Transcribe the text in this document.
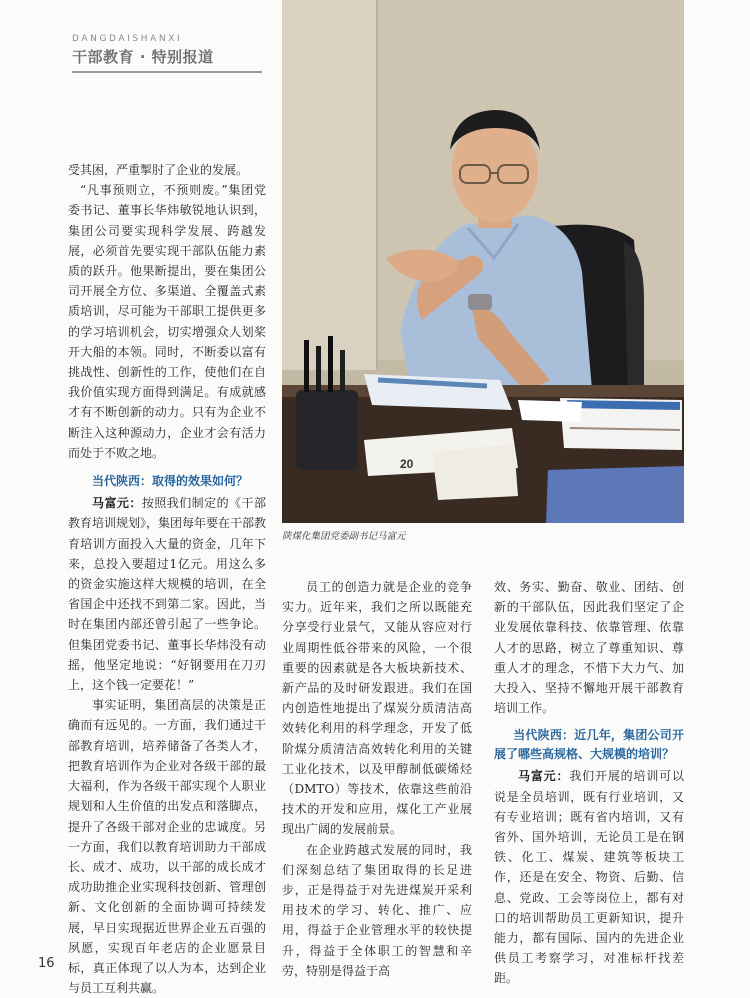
DANGDAISHANXI
干部教育 · 特别报道
20
陕煤化集团党委副书记马富元

受其困，严重掣肘了企业的发展。

“凡事预则立，不预则废。”集团党委书记、董事长华炜敏锐地认识到，集团公司要实现科学发展、跨越发展，必须首先要实现干部队伍能力素质的跃升。他果断提出，要在集团公司开展全方位、多渠道、全覆盖式素质培训，尽可能为干部职工提供更多的学习培训机会，切实增强众人划桨开大船的本领。同时，不断委以富有挑战性、创新性的工作，使他们在自我价值实现方面得到满足。有成就感才有不断创新的动力。只有为企业不断注入这种源动力，企业才会有活力而处于不败之地。

当代陕西：取得的效果如何？

马富元：按照我们制定的《干部教育培训规划》，集团每年要在干部教育培训方面投入大量的资金，几年下来，总投入要超过1亿元。用这么多的资金实施这样大规模的培训，在全省国企中还找不到第二家。因此，当时在集团内部还曾引起了一些争论。但集团党委书记、董事长华炜没有动摇，他坚定地说：“好钢要用在刀刃上，这个钱一定要花！”

事实证明，集团高层的决策是正确而有远见的。一方面，我们通过干部教育培训，培养储备了各类人才，把教育培训作为企业对各级干部的最大福利，作为各级干部实现个人职业规划和人生价值的出发点和落脚点，提升了各级干部对企业的忠诚度。另一方面，我们以教育培训助力干部成长、成才、成功，以干部的成长成才成功助推企业实现科技创新、管理创新、文化创新的全面协调可持续发展，早日实现据近世界企业五百强的夙愿，实现百年老店的企业愿景目标，真正体现了以人为本，达到企业与员工互利共赢。

员工的创造力就是企业的竞争实力。近年来，我们之所以既能充分享受行业景气，又能从容应对行业周期性低谷带来的风险，一个很重要的因素就是各大板块新技术、新产品的及时研发跟进。我们在国内创造性地提出了煤炭分质清洁高效转化利用的科学理念，开发了低阶煤分质清洁高效转化利用的关键工业化技术，以及甲醇制低碳烯烃（DMTO）等技术，依靠这些前沿技术的开发和应用，煤化工产业展现出广阔的发展前景。

在企业跨越式发展的同时，我们深刻总结了集团取得的长足进步，正是得益于对先进煤炭开采利用技术的学习、转化、推广、应用，得益于企业管理水平的较快提升，得益于全体职工的智慧和辛劳，特别是得益于高

效、务实、勤奋、敬业、团结、创新的干部队伍，因此我们坚定了企业发展依靠科技、依靠管理、依靠人才的思路，树立了尊重知识、尊重人才的理念，不惜下大力气、加大投入、坚持不懈地开展干部教育培训工作。

当代陕西：近几年，集团公司开展了哪些高规格、大规模的培训？

马富元：我们开展的培训可以说是全员培训，既有行业培训，又有专业培训；既有省内培训，又有省外、国外培训，无论员工是在钢铁、化工、煤炭、建筑等板块工作，还是在安全、物资、后勤、信息、党政、工会等岗位上，都有对口的培训帮助员工更新知识，提升能力，都有国际、国内的先进企业供员工考察学习，对准标杆找差距。

16
